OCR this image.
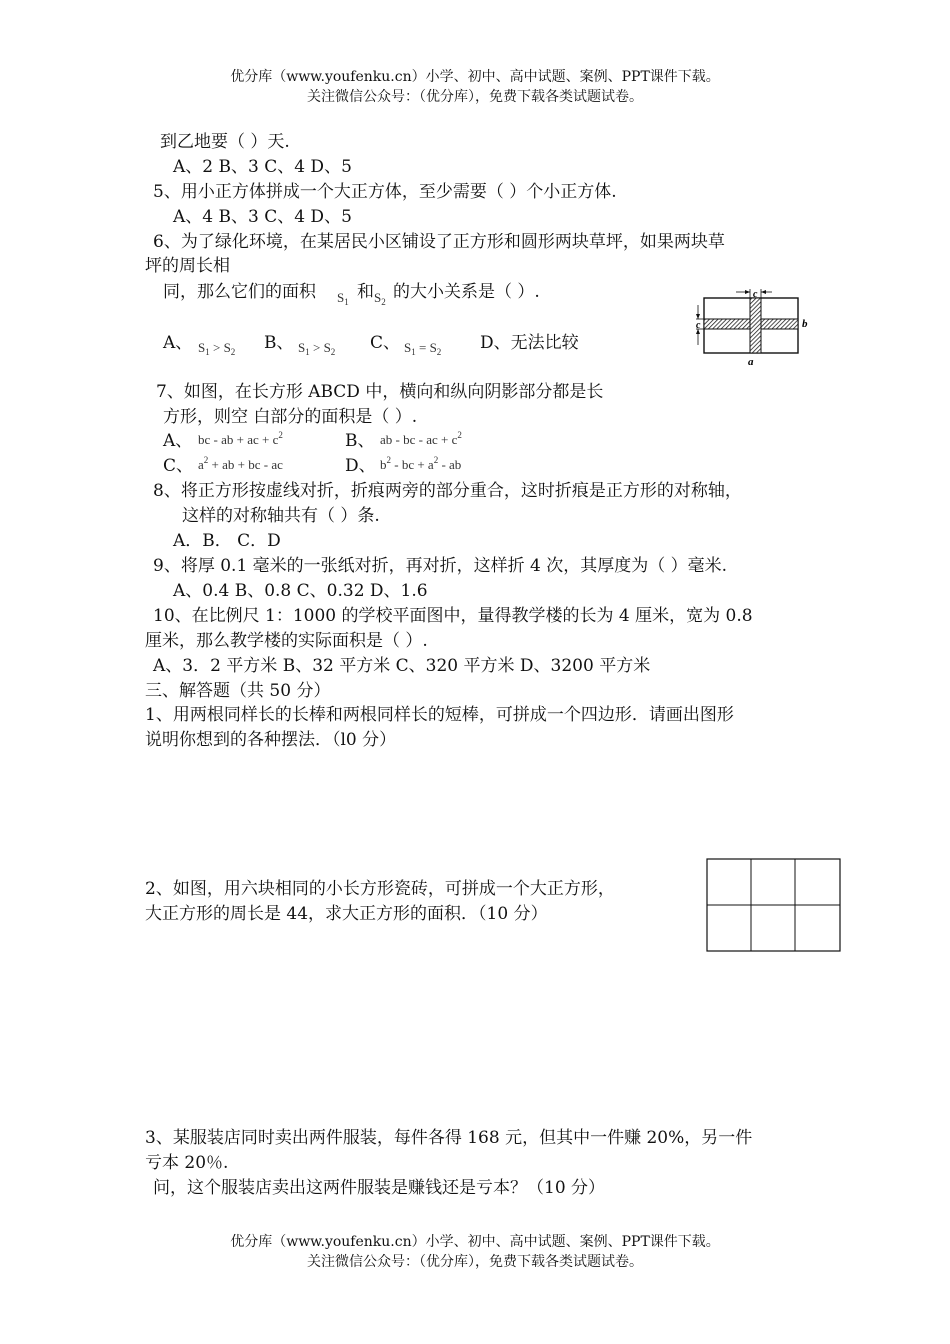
优分库（www.youfenku.cn）小学、初中、高中试题、案例、PPT课件下载。
关注微信公众号：（优分库），免费下载各类试题试卷。
到乙地要（ ）天.
A、2 B、3 C、4 D、5
5、用小正方体拼成一个大正方体，至少需要（ ）个小正方体.
A、4 B、3 C、4 D、5
6、为了绿化环境，在某居民小区铺设了正方形和圆形两块草坪，如果两块草
坪的周长相
同，那么它们的面积 $S_1$ 和 $S_2$ 的大小关系是（ ）.
A、 $S_1 > S_2$ B、 $S_1 > S_2$ C、 $S_1 = S_2$ D、无法比较
c
c	b
a
7、如图，在长方形 ABCD 中，横向和纵向阴影部分都是长
方形，则空 白部分的面积是（ ）.
A、 bc - ab + ac + $c^2$	B、 ab - bc - ac + $c^2$
C、 $a^2$ + ab + bc - ac	D、 $b^2$ - bc + $a^2$ - ab
8、将正方形按虚线对折，折痕两旁的部分重合，这时折痕是正方形的对称轴，
这样的对称轴共有（ ）条.
A．B． C．D
9、将厚 0.1 毫米的一张纸对折，再对折，这样折 4 次，其厚度为（ ）毫米.
A、0.4 B、0.8 C、0.32 D、1.6
10、在比例尺 1：1000 的学校平面图中，量得教学楼的长为 4 厘米，宽为 0.8
厘米，那么教学楼的实际面积是（ ）.
A、3．2 平方米 B、32 平方米 C、320 平方米 D、3200 平方米
三、解答题（共 50 分）
1、用两根同样长的长棒和两根同样长的短棒，可拼成一个四边形．请画出图形
说明你想到的各种摆法．（l0 分）
2、如图，用六块相同的小长方形瓷砖，可拼成一个大正方形，
大正方形的周长是 44，求大正方形的面积．（10 分）
3、某服装店同时卖出两件服装，每件各得 168 元，但其中一件赚 20%，另一件
亏本 20％.
问，这个服装店卖出这两件服装是赚钱还是亏本？（10 分）
优分库（www.youfenku.cn）小学、初中、高中试题、案例、PPT课件下载。
关注微信公众号：（优分库），免费下载各类试题试卷。
